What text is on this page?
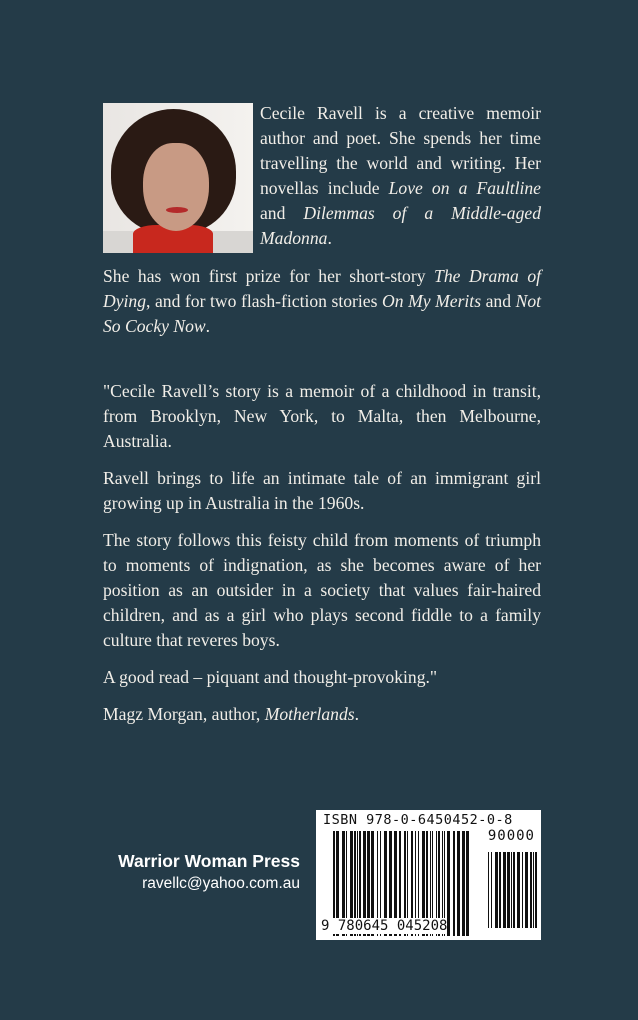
Cecile Ravell is a creative memoir author and poet. She spends her time travelling the world and writing. Her novellas include Love on a Faultline and Dilemmas of a Middle-aged Madonna.

She has won first prize for her short-story The Drama of Dying, and for two flash-fiction stories On My Merits and Not So Cocky Now.

"Cecile Ravell’s story is a memoir of a childhood in transit, from Brooklyn, New York, to Malta, then Melbourne, Australia.

Ravell brings to life an intimate tale of an immigrant girl growing up in Australia in the 1960s.

The story follows this feisty child from moments of triumph to moments of indignation, as she becomes aware of her position as an outsider in a society that values fair-haired children, and as a girl who plays second fiddle to a family culture that reveres boys.

A good read – piquant and thought-provoking."

Magz Morgan, author, Motherlands.

Warrior Woman Press
ravellc@yahoo.com.au
ISBN 978-0-6450452-0-8
90000
9 780645 045208
